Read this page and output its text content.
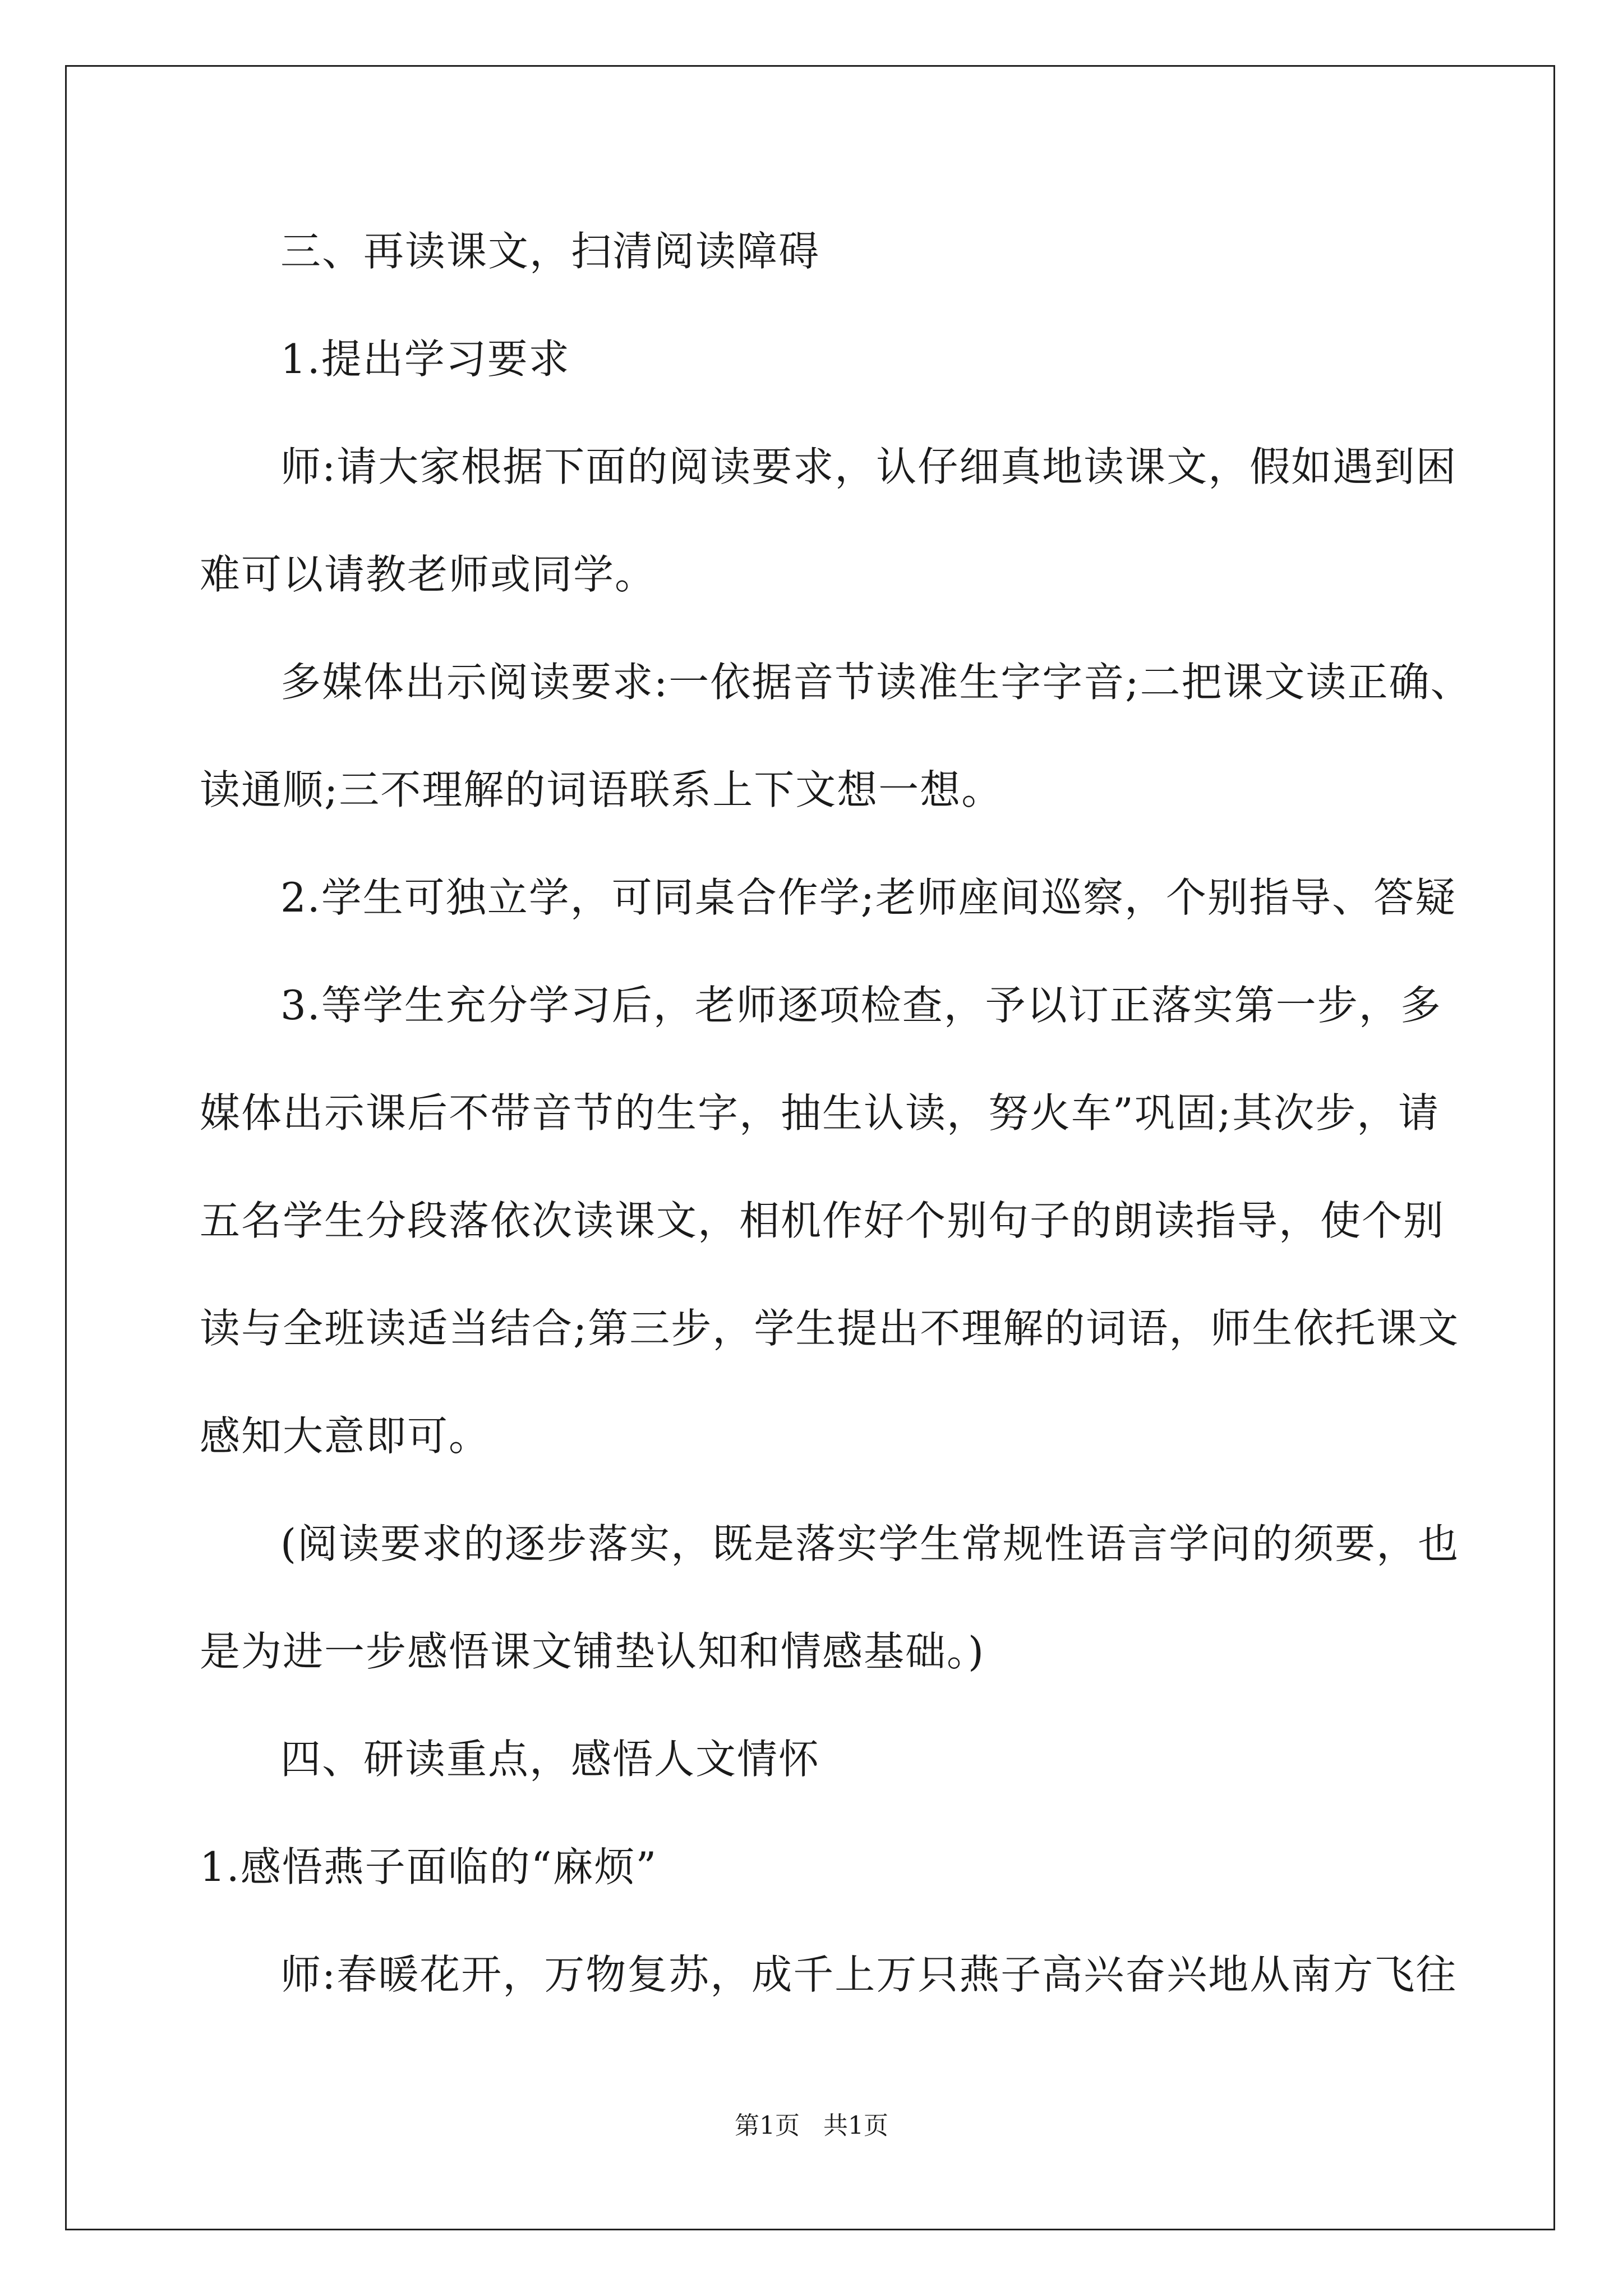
三、再读课文，扫清阅读障碍

1.提出学习要求

师:请大家根据下面的阅读要求，认仔细真地读课文，假如遇到困

难可以请教老师或同学。

多媒体出示阅读要求:一依据音节读准生字字音;二把课文读正确、

读通顺;三不理解的词语联系上下文想一想。

2.学生可独立学，可同桌合作学;老师座间巡察，个别指导、答疑

3.等学生充分学习后，老师逐项检查，予以订正落实第一步，多

媒体出示课后不带音节的生字，抽生认读，努火车”巩固;其次步，请

五名学生分段落依次读课文，相机作好个别句子的朗读指导，使个别

读与全班读适当结合;第三步，学生提出不理解的词语，师生依托课文

感知大意即可。

(阅读要求的逐步落实，既是落实学生常规性语言学问的须要，也

是为进一步感悟课文铺垫认知和情感基础。)

四、研读重点，感悟人文情怀

1.感悟燕子面临的“麻烦”

师:春暖花开，万物复苏，成千上万只燕子高兴奋兴地从南方飞往

第1页   共1页
